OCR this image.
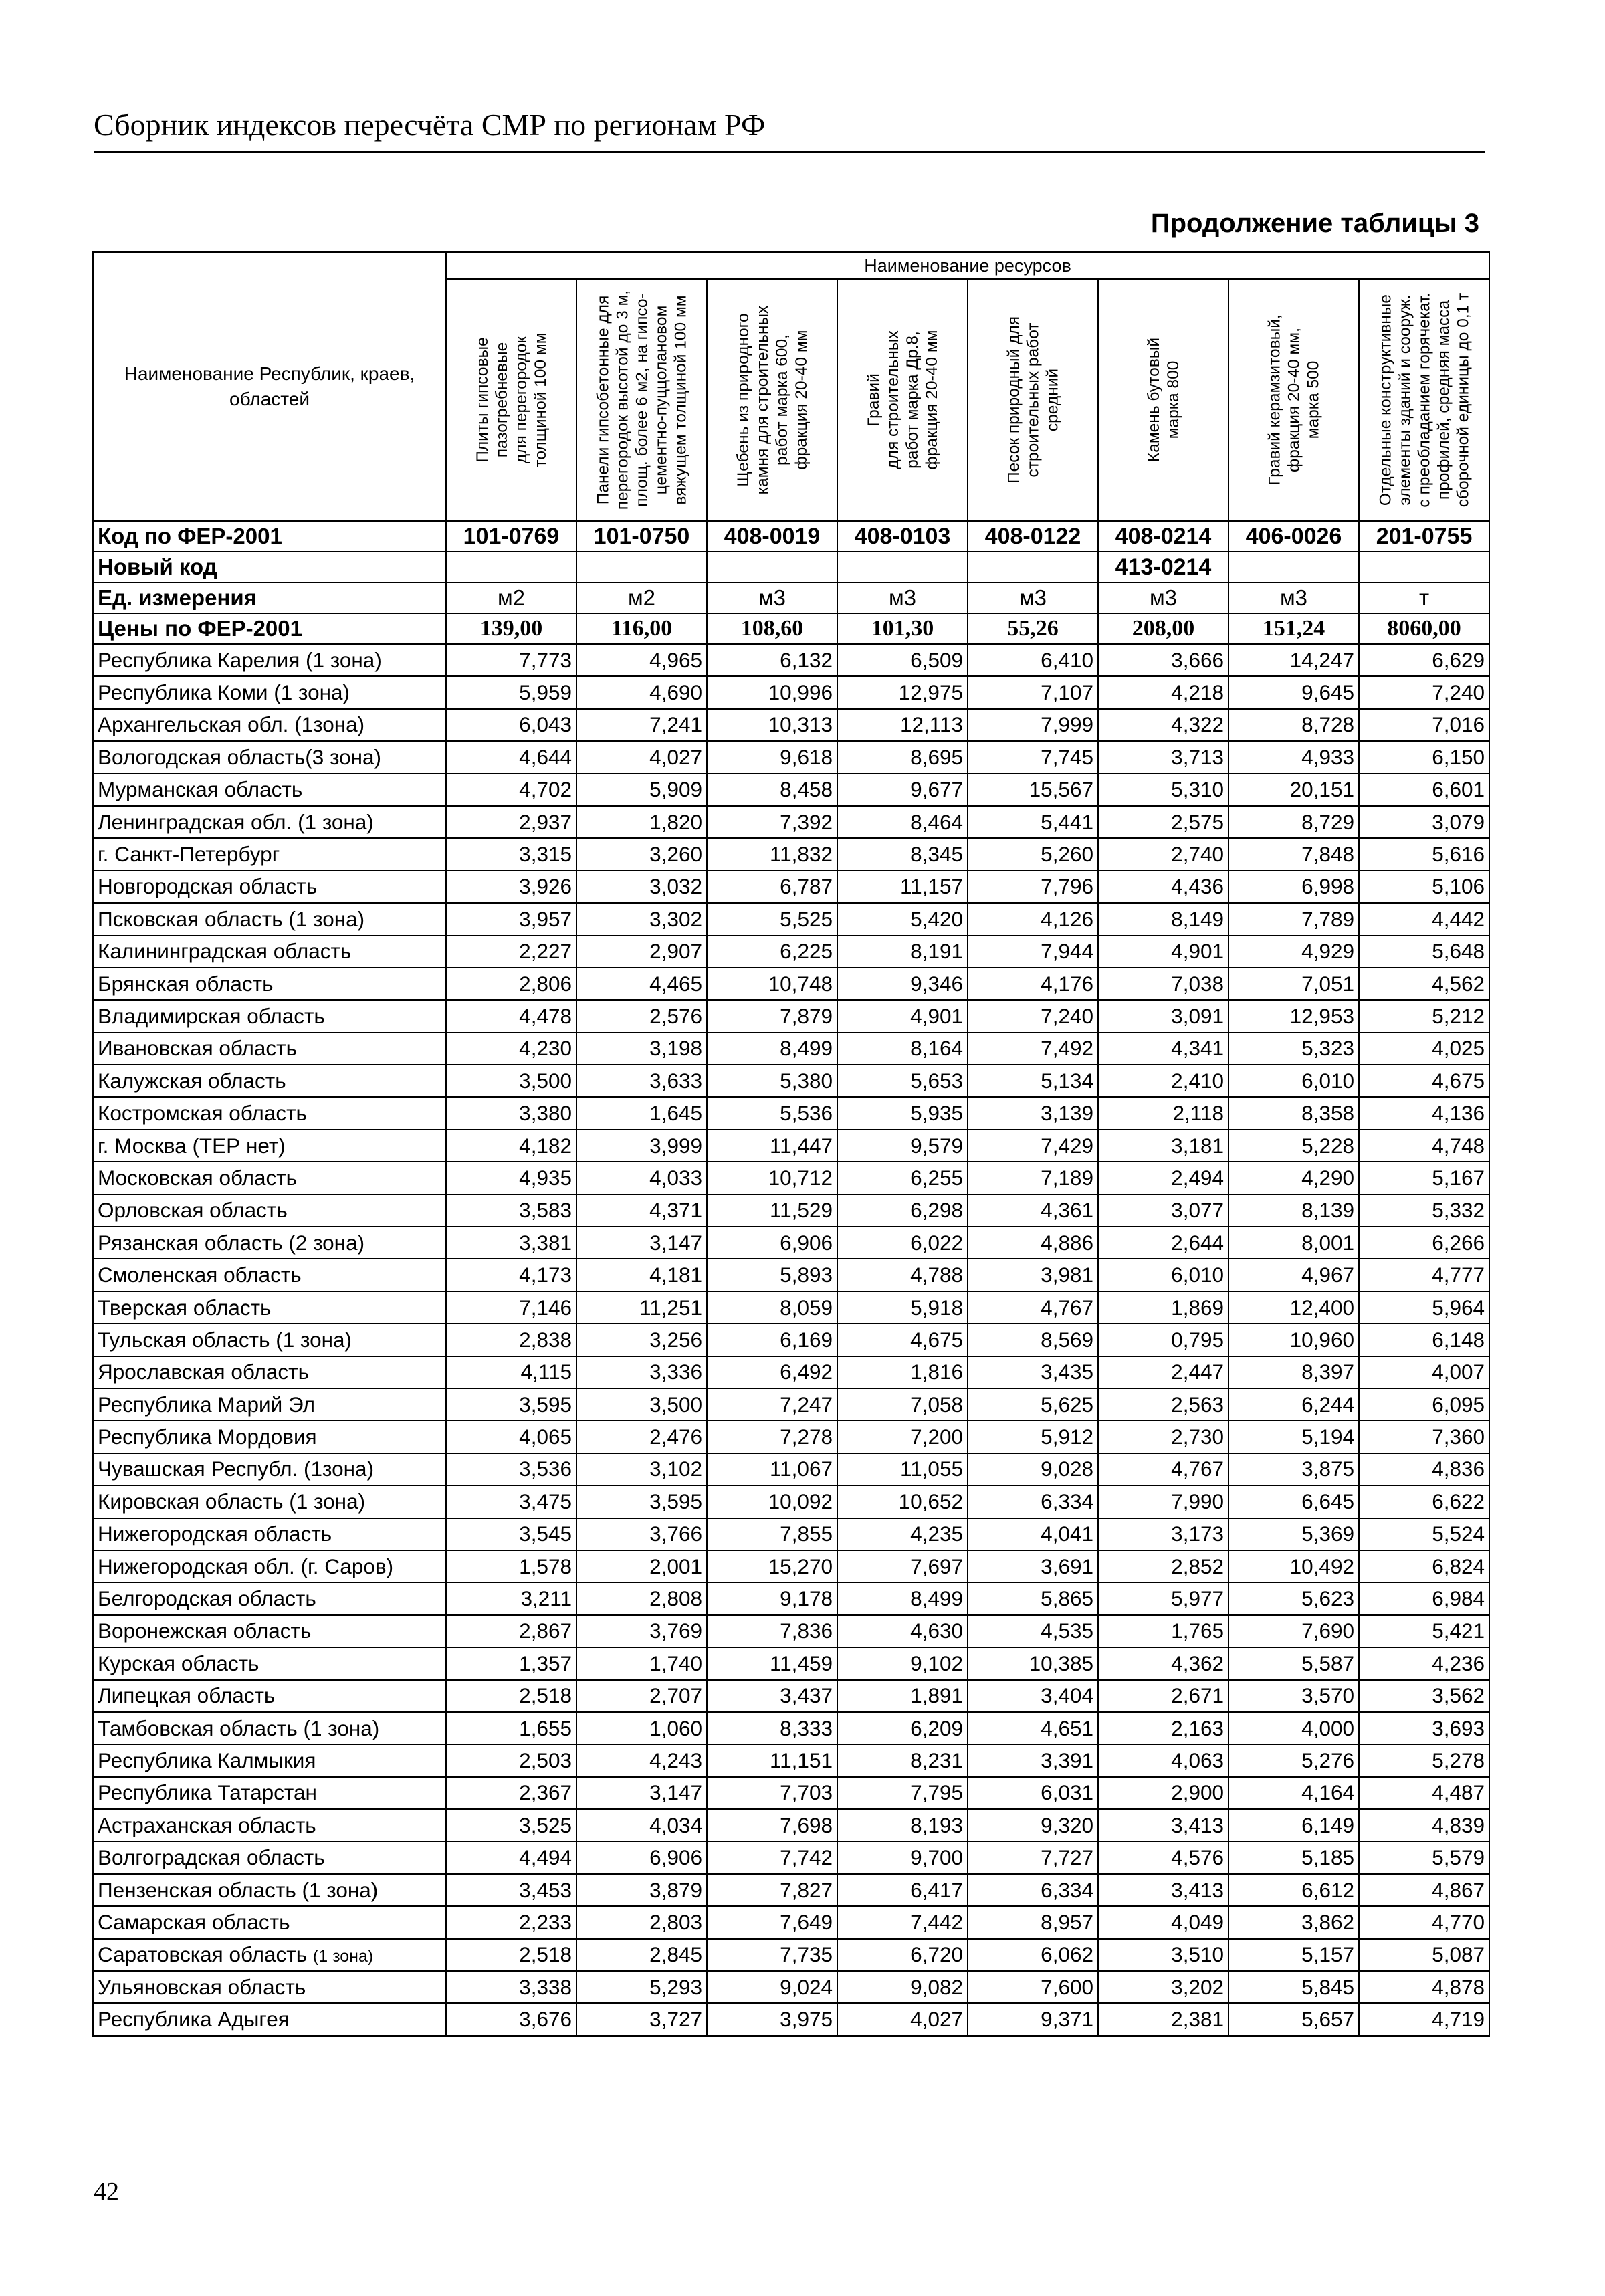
Сборник индексов пересчёта СМР по регионам РФ
Продолжение таблицы 3
Наименование Республик, краев, областей	Наименование ресурсов							

	Плиты гипсовые пазогребневые для перегородок толщиной 100 мм	Панели гипсобетонные для перегородок высотой до 3 м, площ. более 6 м2, на гипсо- цементно-пуццолановом вяжущем толщиной 100 мм	Щебень из природного камня для строительных работ марка 600, фракция 20-40 мм	Гравий для строительных работ марка Др.8, фракция 20-40 мм	Песок природный для строительных работ средний	Камень бутовый марка 800	Гравий керамзитовый, фракция 20-40 мм, марка 500	Отдельные конструктивные элементы зданий и сооруж. с преобладанием горячекат. профилей, средняя масса сборочной единицы до 0,1 т

Код по ФЕР-2001	101-0769	101-0750	408-0019	408-0103	408-0122	408-0214	406-0026	201-0755
Новый код						413-0214		
Ед. измерения	м2	м2	м3	м3	м3	м3	м3	т
Цены по ФЕР-2001	139,00	116,00	108,60	101,30	55,26	208,00	151,24	8060,00
Республика Карелия (1 зона)	7,773	4,965	6,132	6,509	6,410	3,666	14,247	6,629
Республика Коми (1 зона)	5,959	4,690	10,996	12,975	7,107	4,218	9,645	7,240
Архангельская обл. (1зона)	6,043	7,241	10,313	12,113	7,999	4,322	8,728	7,016
Вологодская область(3 зона)	4,644	4,027	9,618	8,695	7,745	3,713	4,933	6,150
Мурманская область	4,702	5,909	8,458	9,677	15,567	5,310	20,151	6,601
Ленинградская обл. (1 зона)	2,937	1,820	7,392	8,464	5,441	2,575	8,729	3,079
г. Санкт-Петербург	3,315	3,260	11,832	8,345	5,260	2,740	7,848	5,616
Новгородская область	3,926	3,032	6,787	11,157	7,796	4,436	6,998	5,106
Псковская область (1 зона)	3,957	3,302	5,525	5,420	4,126	8,149	7,789	4,442
Калининградская область	2,227	2,907	6,225	8,191	7,944	4,901	4,929	5,648
Брянская область	2,806	4,465	10,748	9,346	4,176	7,038	7,051	4,562
Владимирская область	4,478	2,576	7,879	4,901	7,240	3,091	12,953	5,212
Ивановская область	4,230	3,198	8,499	8,164	7,492	4,341	5,323	4,025
Калужская область	3,500	3,633	5,380	5,653	5,134	2,410	6,010	4,675
Костромская область	3,380	1,645	5,536	5,935	3,139	2,118	8,358	4,136
г. Москва (ТЕР нет)	4,182	3,999	11,447	9,579	7,429	3,181	5,228	4,748
Московская область	4,935	4,033	10,712	6,255	7,189	2,494	4,290	5,167
Орловская область	3,583	4,371	11,529	6,298	4,361	3,077	8,139	5,332
Рязанская область (2 зона)	3,381	3,147	6,906	6,022	4,886	2,644	8,001	6,266
Смоленская область	4,173	4,181	5,893	4,788	3,981	6,010	4,967	4,777
Тверская область	7,146	11,251	8,059	5,918	4,767	1,869	12,400	5,964
Тульская область (1 зона)	2,838	3,256	6,169	4,675	8,569	0,795	10,960	6,148
Ярославская область	4,115	3,336	6,492	1,816	3,435	2,447	8,397	4,007
Республика Марий Эл	3,595	3,500	7,247	7,058	5,625	2,563	6,244	6,095
Республика Мордовия	4,065	2,476	7,278	7,200	5,912	2,730	5,194	7,360
Чувашская Республ. (1зона)	3,536	3,102	11,067	11,055	9,028	4,767	3,875	4,836
Кировская область (1 зона)	3,475	3,595	10,092	10,652	6,334	7,990	6,645	6,622
Нижегородская область	3,545	3,766	7,855	4,235	4,041	3,173	5,369	5,524
Нижегородская обл. (г. Саров)	1,578	2,001	15,270	7,697	3,691	2,852	10,492	6,824
Белгородская область	3,211	2,808	9,178	8,499	5,865	5,977	5,623	6,984
Воронежская область	2,867	3,769	7,836	4,630	4,535	1,765	7,690	5,421
Курская область	1,357	1,740	11,459	9,102	10,385	4,362	5,587	4,236
Липецкая область	2,518	2,707	3,437	1,891	3,404	2,671	3,570	3,562
Тамбовская область (1 зона)	1,655	1,060	8,333	6,209	4,651	2,163	4,000	3,693
Республика Калмыкия	2,503	4,243	11,151	8,231	3,391	4,063	5,276	5,278
Республика Татарстан	2,367	3,147	7,703	7,795	6,031	2,900	4,164	4,487
Астраханская область	3,525	4,034	7,698	8,193	9,320	3,413	6,149	4,839
Волгоградская область	4,494	6,906	7,742	9,700	7,727	4,576	5,185	5,579
Пензенская область (1 зона)	3,453	3,879	7,827	6,417	6,334	3,413	6,612	4,867
Самарская область	2,233	2,803	7,649	7,442	8,957	4,049	3,862	4,770
Саратовская область (1 зона)	2,518	2,845	7,735	6,720	6,062	3,510	5,157	5,087
Ульяновская область	3,338	5,293	9,024	9,082	7,600	3,202	5,845	4,878
Республика Адыгея	3,676	3,727	3,975	4,027	9,371	2,381	5,657	4,719
42
